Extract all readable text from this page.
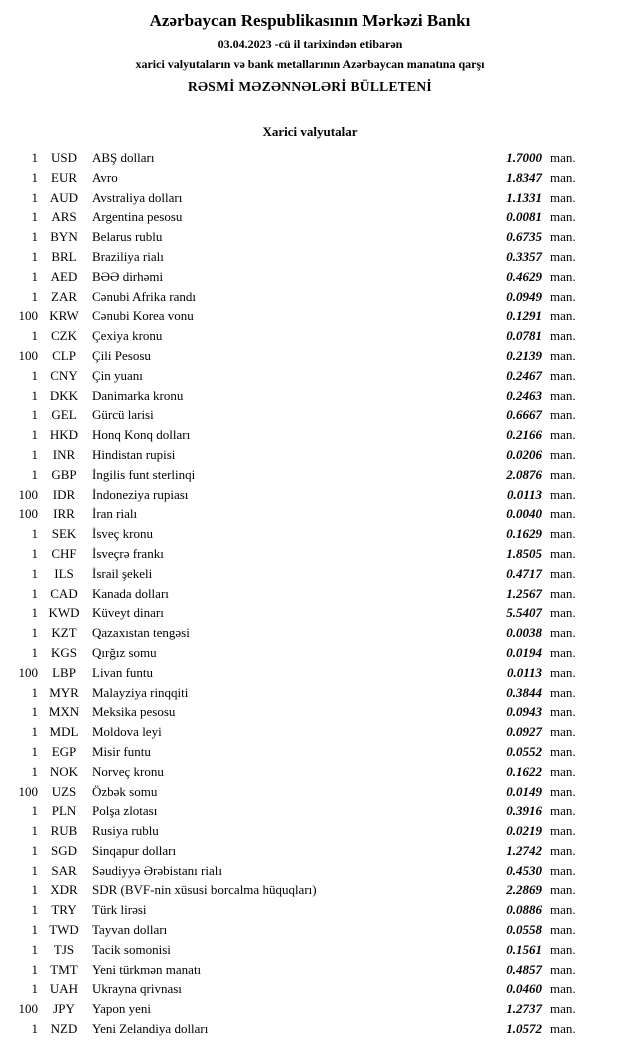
Azərbaycan Respublikasının Mərkəzi Bankı
03.04.2023 -cü il tarixindən etibarən
xarici valyutaların və bank metallarının Azərbaycan manatına qarşı
RƏSMİ MƏZƏNNƏLƏRİ BÜLLETENİ
Xarici valyutalar
1 USD	ABŞ dolları	1.7000 man.
1	EUR	Avro	1.8347 man.
1 AUD	Avstraliya dolları	1.1331 man.
1	ARS	Argentina pesosu	0.0081 man.
1 BYN	Belarus rublu	0.6735 man.
1	BRL	Braziliya rialı	0.3357 man.
1 AED	BƏƏ dirhəmi	0.4629 man.
1	ZAR	Cənubi Afrika randı	0.0949 man.
100 KRW	Cənubi Korea vonu	0.1291 man.
1	CZK	Çexiya kronu	0.0781 man.
100	CLP	Çili Pesosu	0.2139 man.
1 CNY	Çin yuanı	0.2467 man.
1 DKK	Danimarka kronu	0.2463 man.
1	GEL	Gürcü larisi	0.6667 man.
1 HKD	Honq Konq dolları	0.2166 man.
1	INR	Hindistan rupisi	0.0206 man.
1	GBP	İngilis funt sterlinqi	2.0876 man.
100	IDR	İndoneziya rupiası	0.0113 man.
100	IRR	İran rialı	0.0040 man.
1	SEK	İsveç kronu	0.1629 man.
1	CHF	İsveçrə frankı	1.8505 man.
1	ILS	İsrail şekeli	0.4717 man.
1 CAD	Kanada dolları	1.2567 man.
1 KWD Küveyt dinarı	5.5407 man.
1	KZT	Qazaxıstan tengəsi	0.0038 man.
1 KGS	Qırğız somu	0.0194 man.
100	LBP	Livan funtu	0.0113 man.
1 MYR	Malayziya rinqqiti	0.3844 man.
1 MXN Meksika pesosu	0.0943 man.
1 MDL	Moldova leyi	0.0927 man.
1	EGP	Misir funtu	0.0552 man.
1 NOK	Norveç kronu	0.1622 man.
100	UZS	Özbək somu	0.0149 man.
1	PLN	Polşa zlotası	0.3916 man.
1 RUB	Rusiya rublu	0.0219 man.
1 SGD	Sinqapur dolları	1.2742 man.
1	SAR	Səudiyyə Ərəbistanı rialı	0.4530 man.
1 XDR	SDR (BVF-nin xüsusi borcalma hüquqları)	2.2869 man.
1	TRY	Türk lirəsi	0.0886 man.
1 TWD	Tayvan dolları	0.0558 man.
1	TJS	Tacik somonisi	0.1561 man.
1 TMT	Yeni türkmən manatı	0.4857 man.
1 UAH	Ukrayna qrivnası	0.0460 man.
100	JPY	Yapon yeni	1.2737 man.
1 NZD	Yeni Zelandiya dolları	1.0572 man.
